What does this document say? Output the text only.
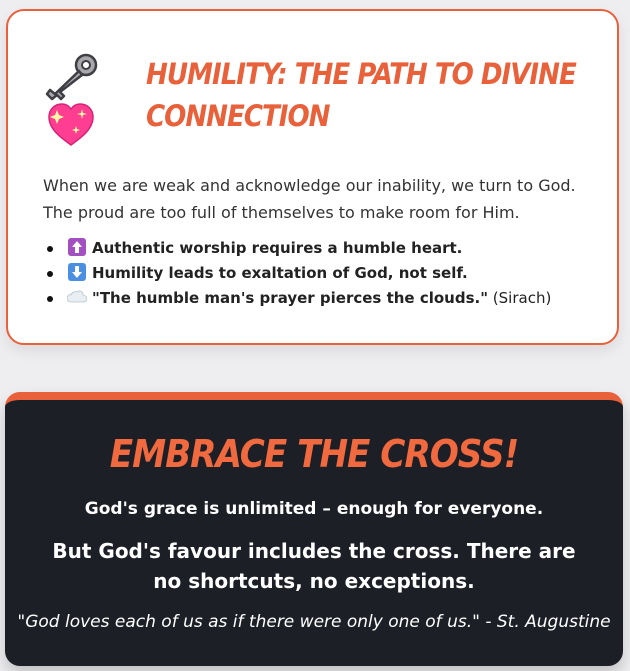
HUMILITY: THE PATH TO DIVINE CONNECTION

When we are weak and acknowledge our inability, we turn to God. The proud are too full of themselves to make room for Him.

Authentic worship requires a humble heart.
Humility leads to exaltation of God, not self.
"The humble man's prayer pierces the clouds." (Sirach)
EMBRACE THE CROSS!

God's grace is unlimited – enough for everyone.

But God's favour includes the cross. There are no shortcuts, no exceptions.

"God loves each of us as if there were only one of us." - St. Augustine
